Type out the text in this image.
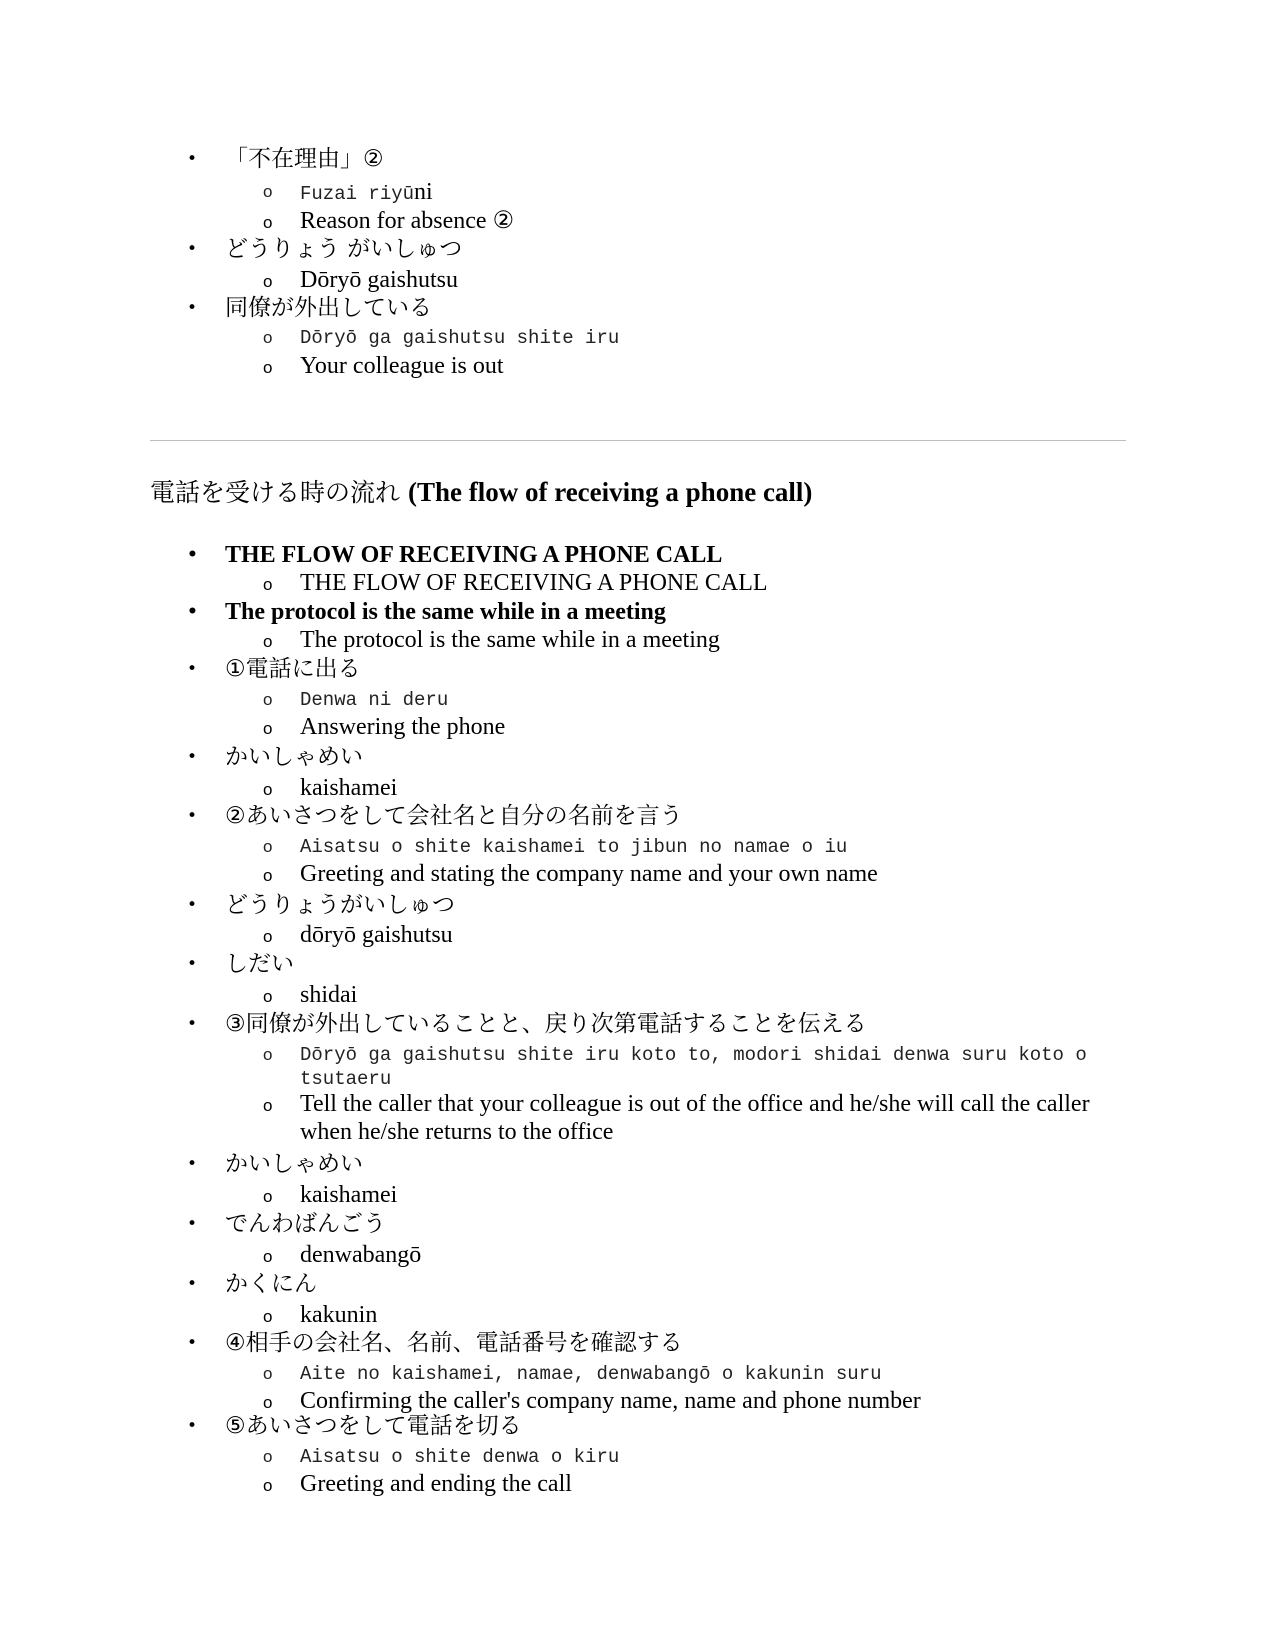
• 「不在理由」②
o Fuzai riyūni
o Reason for absence ②
• どうりょう がいしゅつ
o Dōryō gaishutsu
• 同僚が外出している
o Dōryō ga gaishutsu shite iru
o Your colleague is out
電話を受ける時の流れ (The flow of receiving a phone call)
• THE FLOW OF RECEIVING A PHONE CALL
o THE FLOW OF RECEIVING A PHONE CALL
• The protocol is the same while in a meeting
o The protocol is the same while in a meeting
• ①電話に出る
o Denwa ni deru
o Answering the phone
• かいしゃめい
o kaishamei
• ②あいさつをして会社名と自分の名前を言う
o Aisatsu o shite kaishamei to jibun no namae o iu
o Greeting and stating the company name and your own name
• どうりょうがいしゅつ
o dōryō gaishutsu
• しだい
o shidai
• ③同僚が外出していることと、戻り次第電話することを伝える
o Dōryō ga gaishutsu shite iru koto to, modori shidai denwa suru koto o tsutaeru
o Tell the caller that your colleague is out of the office and he/she will call the caller when he/she returns to the office
• かいしゃめい
o kaishamei
• でんわばんごう
o denwabangō
• かくにん
o kakunin
• ④相手の会社名、名前、電話番号を確認する
o Aite no kaishamei, namae, denwabangō o kakunin suru
o Confirming the caller's company name, name and phone number
• ⑤あいさつをして電話を切る
o Aisatsu o shite denwa o kiru
o Greeting and ending the call
